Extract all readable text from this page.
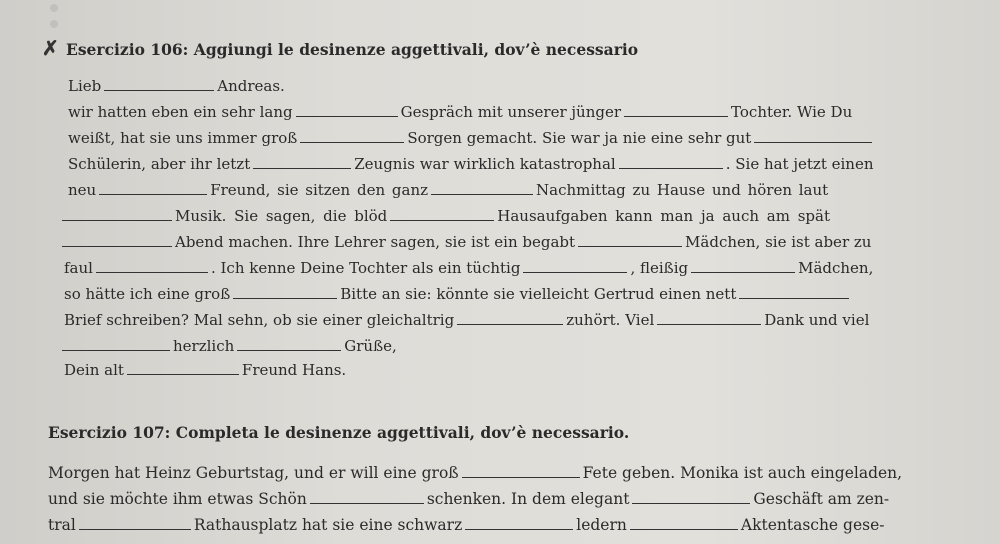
✗ Esercizio 106: Aggiungi le desinenze aggettivali, dov’è necessario
Lieb	Andreas.
wir hatten eben ein sehr lang	Gespräch mit unserer jünger	Tochter. Wie Du
weißt, hat sie uns immer groß	Sorgen gemacht. Sie war ja nie eine sehr gut
Schülerin, aber ihr letzt	Zeugnis war wirklich katastrophal	. Sie hat jetzt einen
neu	Freund, sie sitzen den ganz	Nachmittag zu Hause und hören laut
Musik. Sie sagen, die blöd	Hausaufgaben kann man ja auch am spät
Abend machen. Ihre Lehrer sagen, sie ist ein begabt	Mädchen, sie ist aber zu
faul	. Ich kenne Deine Tochter als ein tüchtig	, fleißig	Mädchen,
so hätte ich eine groß	Bitte an sie: könnte sie vielleicht Gertrud einen nett
Brief schreiben? Mal sehn, ob sie einer gleichaltrig	zuhört. Viel	Dank und viel
herzlich	Grüße,
Dein alt	Freund Hans.
Esercizio 107: Completa le desinenze aggettivali, dov’è necessario.
Morgen hat Heinz Geburtstag, und er will eine groß	Fete geben. Monika ist auch eingeladen,
und sie möchte ihm etwas Schön	schenken. In dem elegant	Geschäft am zen-
tral	Rathausplatz hat sie eine schwarz	ledern	Aktentasche gese-
